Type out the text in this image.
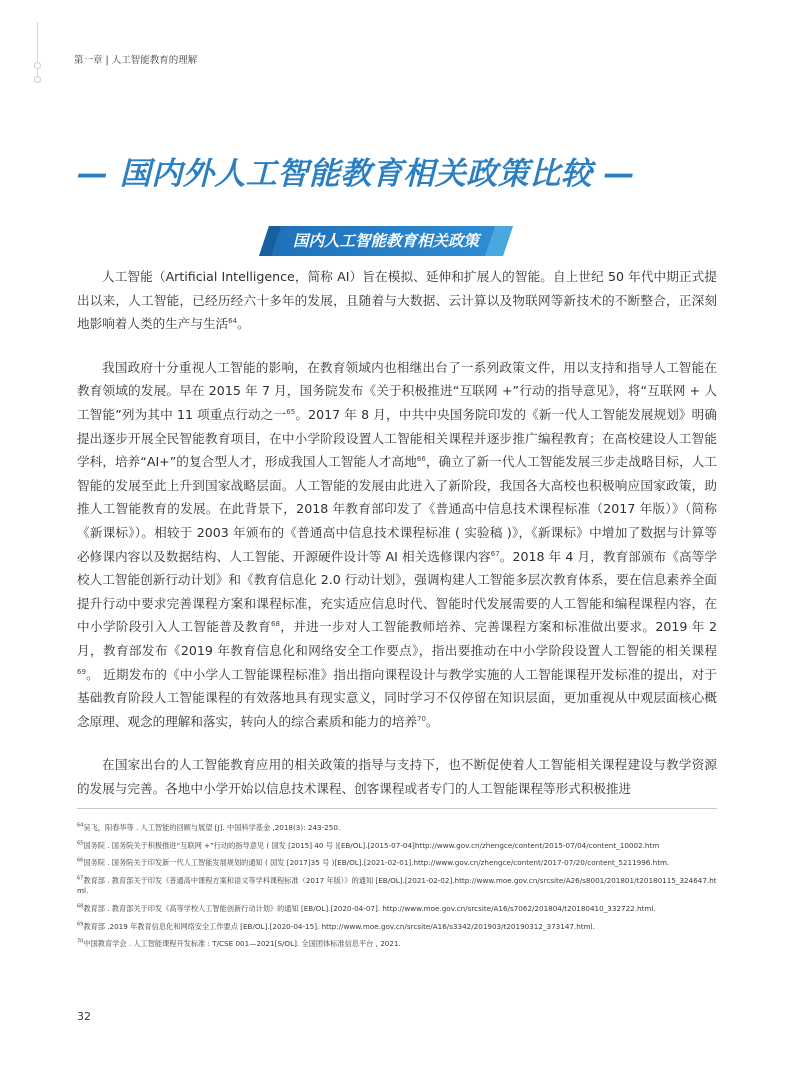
第一章 | 人工智能教育的理解
— 国内外人工智能教育相关政策比较 —
国内人工智能教育相关政策

人工智能（Artificial Intelligence，简称 AI）旨在模拟、延伸和扩展人的智能。自上世纪 50 年代中期正式提出以来，人工智能，已经历经六十多年的发展，且随着与大数据、云计算以及物联网等新技术的不断整合，正深刻地影响着人类的生产与生活$^{64}$。

我国政府十分重视人工智能的影响，在教育领域内也相继出台了一系列政策文件，用以支持和指导人工智能在教育领域的发展。早在 2015 年 7 月，国务院发布《关于积极推进“互联网 +”行动的指导意见》，将“互联网 + 人工智能”列为其中 11 项重点行动之一$^{65}$。2017 年 8 月，中共中央国务院印发的《新一代人工智能发展规划》明确提出逐步开展全民智能教育项目，在中小学阶段设置人工智能相关课程并逐步推广编程教育；在高校建设人工智能学科，培养“AI+”的复合型人才，形成我国人工智能人才高地$^{66}$，确立了新一代人工智能发展三步走战略目标，人工智能的发展至此上升到国家战略层面。人工智能的发展由此进入了新阶段，我国各大高校也积极响应国家政策，助推人工智能教育的发展。在此背景下，2018 年教育部印发了《普通高中信息技术课程标准（2017 年版）》（简称《新课标》）。相较于 2003 年颁布的《普通高中信息技术课程标准 ( 实验稿 )》，《新课标》中增加了数据与计算等必修课内容以及数据结构、人工智能、开源硬件设计等 AI 相关选修课内容$^{67}$。2018 年 4 月，教育部颁布《高等学校人工智能创新行动计划》和《教育信息化 2.0 行动计划》，强调构建人工智能多层次教育体系，要在信息素养全面提升行动中要求完善课程方案和课程标准，充实适应信息时代、智能时代发展需要的人工智能和编程课程内容，在中小学阶段引入人工智能普及教育$^{68}$，并进一步对人工智能教师培养、完善课程方案和标准做出要求。2019 年 2 月，教育部发布《2019 年教育信息化和网络安全工作要点》，指出要推动在中小学阶段设置人工智能的相关课程$^{69}$。 近期发布的《中小学人工智能课程标准》指出指向课程设计与教学实施的人工智能课程开发标准的提出，对于基础教育阶段人工智能课程的有效落地具有现实意义，同时学习不仅停留在知识层面，更加重视从中观层面核心概念原理、观念的理解和落实，转向人的综合素质和能力的培养$^{70}$。

在国家出台的人工智能教育应用的相关政策的指导与支持下，也不断促使着人工智能相关课程建设与教学资源的发展与完善。各地中小学开始以信息技术课程、创客课程或者专门的人工智能课程等形式积极推进

$^{64}$吴飞，阳春华等 . 人工智能的回顾与展望 [J]. 中国科学基金 ,2018(3): 243-250.
$^{65}$国务院 . 国务院关于积极推进“互联网 +”行动的指导意见 ( 国发 [2015] 40 号 )[EB/OL].[2015-07-04]http://www.gov.cn/zhengce/content/2015-07/04/content_10002.htm
$^{66}$国务院 . 国务院关于印发新一代人工智能发展规划的通知 ( 国发 [2017]35 号 )[EB/OL].[2021-02-01].http://www.gov.cn/zhengce/content/2017-07/20/content_5211996.htm.
$^{67}$教育部 . 教育部关于印发《普通高中课程方案和语文等学科课程标准（2017 年版）》的通知 [EB/OL].[2021-02-02].http://www.moe.gov.cn/srcsite/A26/s8001/201801/t20180115_324647.html.
$^{68}$教育部 . 教育部关于印发《高等学校人工智能创新行动计划》的通知 [EB/OL].[2020-04-07]. http://www.moe.gov.cn/srcsite/A16/s7062/201804/t20180410_332722.html.
$^{69}$教育部 .2019 年教育信息化和网络安全工作要点 [EB/OL].[2020-04-15]. http://www.moe.gov.cn/srcsite/A16/s3342/201903/t20190312_373147.html.
$^{70}$中国教育学会 . 人工智能课程开发标准 : T/CSE 001—2021[S/OL]. 全国团体标准信息平台 , 2021.
32
